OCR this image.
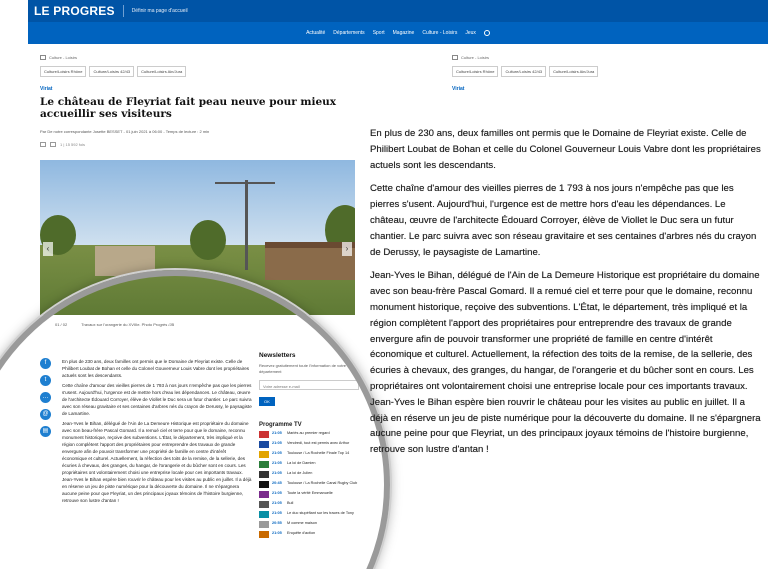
LE PROGRES	Définir ma page d'accueil
Actualité Départements Sport Magazine Culture - Loisirs Jeux
Culture - Loisirs
Culture/Loisirs Rhône	Culture/Loisirs 42/43	Culture/Loisirs Ain/Jura
Viriat
Le château de Fleyriat fait peau neuve pour mieux accueillir ses visiteurs
Par De notre correspondante Josette BESSET - 01 juin 2021 à 06:00 - Temps de lecture : 2 min
1 | 15 592 fois
‹	›
01 / 02	Travaux sur l'orangerie du XVIIIe. Photo Progrès /JB
f
t
…
@
▤

En plus de 230 ans, deux familles ont permis que le Domaine de Fleyriat existe. Celle de Philibert Loubat de Bohan et celle du Colonel Gouverneur Louis Vabre dont les propriétaires actuels sont les descendants.

Cette chaîne d'amour des vieilles pierres de 1 793 à nos jours n'empêche pas que les pierres s'usent. Aujourd'hui, l'urgence est de mettre hors d'eau les dépendances. Le château, œuvre de l'architecte Édouard Corroyer, élève de Viollet le Duc sera un futur chantier. Le parc suivra avec son réseau gravitaire et ses centaines d'arbres nés du crayon de Derussy, le paysagiste de Lamartine.

Jean-Yves le Bihan, délégué de l'Ain de La Demeure Historique est propriétaire du domaine avec son beau-frère Pascal Gomard. Il a remué ciel et terre pour que le domaine, reconnu monument historique, reçoive des subventions. L'État, le département, très impliqué et la région complètent l'apport des propriétaires pour entreprendre des travaux de grande envergure afin de pouvoir transformer une propriété de famille en centre d'intérêt économique et culturel. Actuellement, la réfection des toits de la remise, de la sellerie, des écuries à chevaux, des granges, du hangar, de l'orangerie et du bûcher sont en cours. Les propriétaires ont volontairement choisi une entreprise locale pour ces importants travaux. Jean-Yves le Bihan espère bien rouvrir le château pour les visites au public en juillet. Il a déjà en réserve un jeu de piste numérique pour la découverte du domaine. Il ne s'épargnera aucune peine pour que Fleyriat, un des principaux joyaux témoins de l'histoire burgienne, retrouve son lustre d'antan !

Newsletters
Recevez gratuitement toute l'information de votre département
Votre adresse e-mail
OK
Programme TV
21:05	Mariés au premier regard
21:05	Vendredi, tout est permis avec Arthur
21:05	Toulouse / La Rochelle Finale Top 14
21:05	La loi de Damien
21:05	La loi de Julien
20:45	Toulouse / La Rochelle Canal Rugby Club
21:05	Toute la vérité Emmanuelle
21:05	Bull
21:05	Le duc stupéfiant sur les traces de Tony
20:55	M comme maison
21:05	Enquête d'action
Culture - Loisirs
Culture/Loisirs Rhône	Culture/Loisirs 42/43	Culture/Loisirs Ain/Jura
Viriat

En plus de 230 ans, deux familles ont permis que le Domaine de Fleyriat existe. Celle de Philibert Loubat de Bohan et celle du Colonel Gouverneur Louis Vabre dont les propriétaires actuels sont les descendants.

Cette chaîne d'amour des vieilles pierres de 1 793 à nos jours n'empêche pas que les pierres s'usent. Aujourd'hui, l'urgence est de mettre hors d'eau les dépendances. Le château, œuvre de l'architecte Édouard Corroyer, élève de Viollet le Duc sera un futur chantier. Le parc suivra avec son réseau gravitaire et ses centaines d'arbres nés du crayon de Derussy, le paysagiste de Lamartine.

Jean-Yves le Bihan, délégué de l'Ain de La Demeure Historique est propriétaire du domaine avec son beau-frère Pascal Gomard. Il a remué ciel et terre pour que le domaine, reconnu monument historique, reçoive des subventions. L'État, le département, très impliqué et la région complètent l'apport des propriétaires pour entreprendre des travaux de grande envergure afin de pouvoir transformer une propriété de famille en centre d'intérêt économique et culturel. Actuellement, la réfection des toits de la remise, de la sellerie, des écuries à chevaux, des granges, du hangar, de l'orangerie et du bûcher sont en cours. Les propriétaires ont volontairement choisi une entreprise locale pour ces importants travaux. Jean-Yves le Bihan espère bien rouvrir le château pour les visites au public en juillet. Il a déjà en réserve un jeu de piste numérique pour la découverte du domaine. Il ne s'épargnera aucune peine pour que Fleyriat, un des principaux joyaux témoins de l'histoire burgienne, retrouve son lustre d'antan !
